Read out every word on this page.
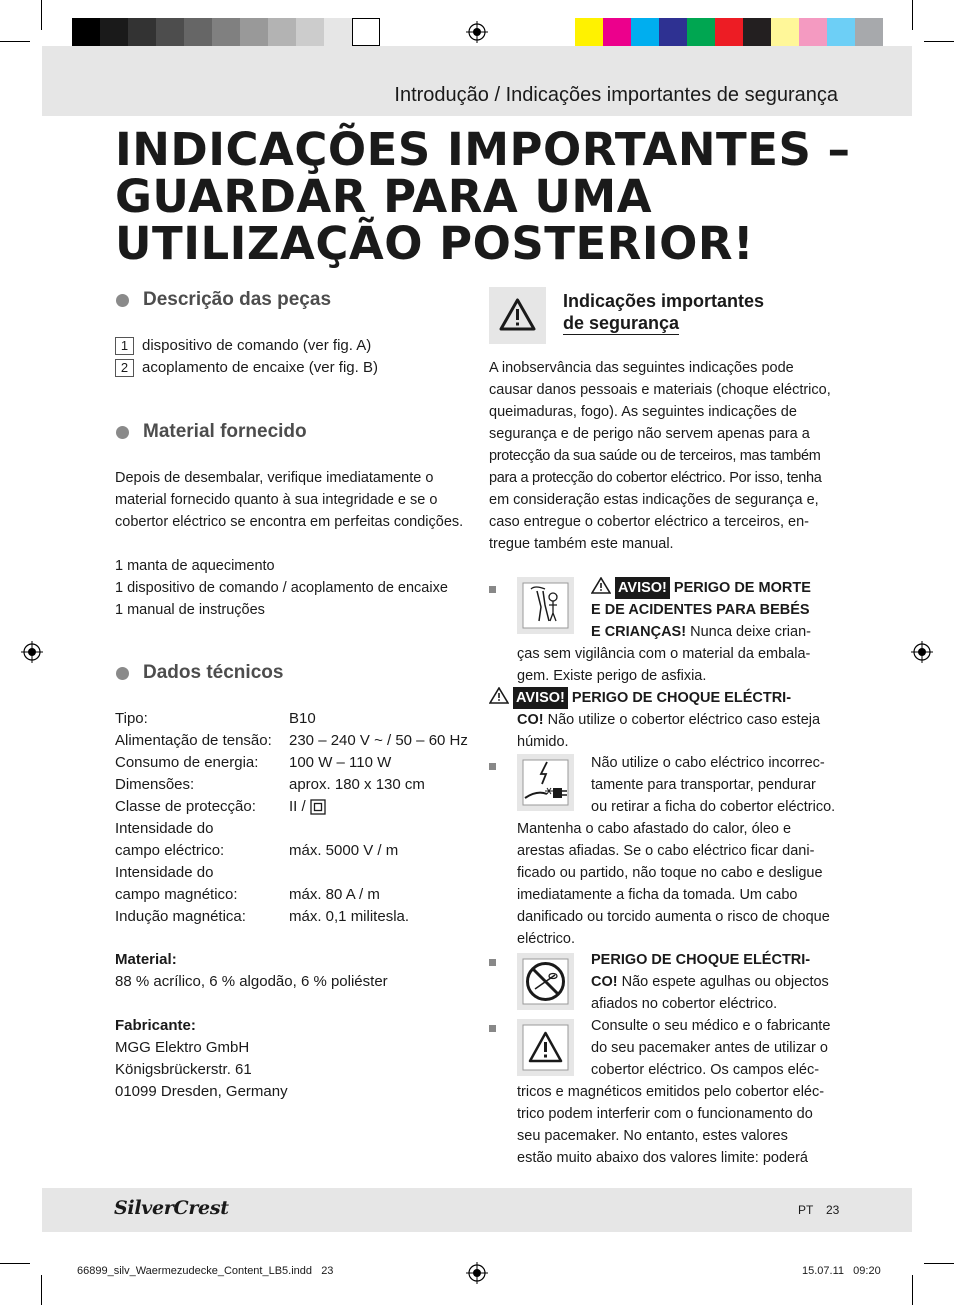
Introdução / Indicações importantes de segurança
INDICAÇÕES IMPORTANTES –
GUARDAR PARA UMA
UTILIZAÇÃO POSTERIOR!
Descrição das peças
1 dispositivo de comando (ver fig. A)
2 acoplamento de encaixe (ver fig. B)
Material fornecido
Depois de desembalar, verifique imediatamente o
material fornecido quanto à sua integridade e se o
cobertor eléctrico se encontra em perfeitas condições.
1 manta de aquecimento
1 dispositivo de comando / acoplamento de encaixe
1 manual de instruções
Dados técnicos
Tipo:	B10
Alimentação de tensão:	230 – 240 V ~ / 50 – 60 Hz
Consumo de energia:	100 W – 110 W
Dimensões:	aprox. 180 x 130 cm
Classe de protecção:	II /
Intensidade do
campo eléctrico:	máx. 5000 V / m
Intensidade do
campo magnético:	máx. 80 A / m
Indução magnética:	máx. 0,1 militesla.
Material:
88 % acrílico, 6 % algodão, 6 % poliéster
Fabricante:
MGG Elektro GmbH
Königsbrückerstr. 61
01099 Dresden, Germany
Indicações importantes
de segurança
A inobservância das seguintes indicações pode
causar danos pessoais e materiais (choque eléctrico,
queimaduras, fogo). As seguintes indicações de
segurança e de perigo não servem apenas para a
protecção da sua saúde ou de terceiros, mas também
para a protecção do cobertor eléctrico. Por isso, tenha
em consideração estas indicações de segurança e,
caso entregue o cobertor eléctrico a terceiros, en-
tregue também este manual.
AVISO! PERIGO DE MORTE
E DE ACIDENTES PARA BEBÉS
E CRIANÇAS! Nunca deixe crian-
ças sem vigilância com o material da embala-
gem. Existe perigo de asfixia.
AVISO! PERIGO DE CHOQUE ELÉCTRI-
CO! Não utilize o cobertor eléctrico caso esteja
húmido.
Não utilize o cabo eléctrico incorrec-
tamente para transportar, pendurar
ou retirar a ficha do cobertor eléctrico.
Mantenha o cabo afastado do calor, óleo e
arestas afiadas. Se o cabo eléctrico ficar dani-
ficado ou partido, não toque no cabo e desligue
imediatamente a ficha da tomada. Um cabo
danificado ou torcido aumenta o risco de choque
eléctrico.
PERIGO DE CHOQUE ELÉCTRI-
CO! Não espete agulhas ou objectos
afiados no cobertor eléctrico.
Consulte o seu médico e o fabricante
do seu pacemaker antes de utilizar o
cobertor eléctrico. Os campos eléc-
tricos e magnéticos emitidos pelo cobertor eléc-
trico podem interferir com o funcionamento do
seu pacemaker. No entanto, estes valores
estão muito abaixo dos valores limite: poderá
SilverCrest	PT 23
66899_silv_Waermezudecke_Content_LB5.indd   23	15.07.11   09:20
